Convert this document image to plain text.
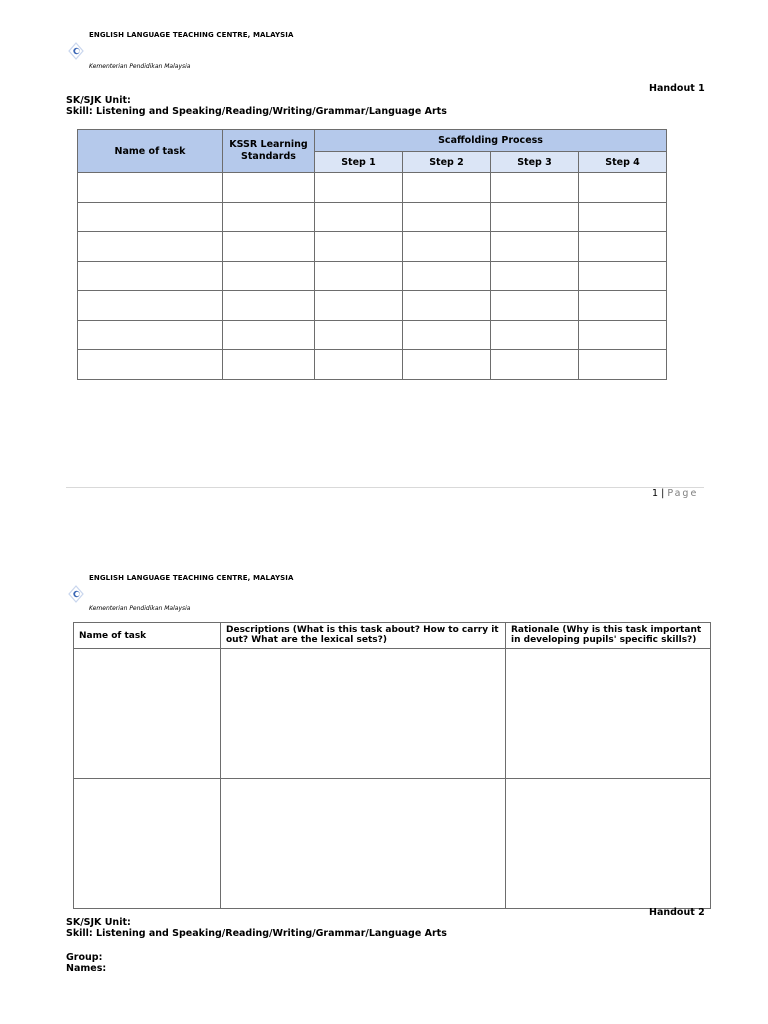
ENGLISH LANGUAGE TEACHING CENTRE, MALAYSIA
Kementerian Pendidikan Malaysia
Handout 1
SK/SJK Unit:
Skill: Listening and Speaking/Reading/Writing/Grammar/Language Arts
Name of task	KSSR Learning Standards	Scaffolding Process			
		Step 1	Step 2	Step 3	Step 4

1 | Page
ENGLISH LANGUAGE TEACHING CENTRE, MALAYSIA
Kementerian Pendidikan Malaysia
Name of task	Descriptions (What is this task about? How to carry it out? What are the lexical sets?)	Rationale (Why is this task important in developing pupils' specific skills?)

Handout 2
SK/SJK Unit:
Skill: Listening and Speaking/Reading/Writing/Grammar/Language Arts
Group:
Names:
